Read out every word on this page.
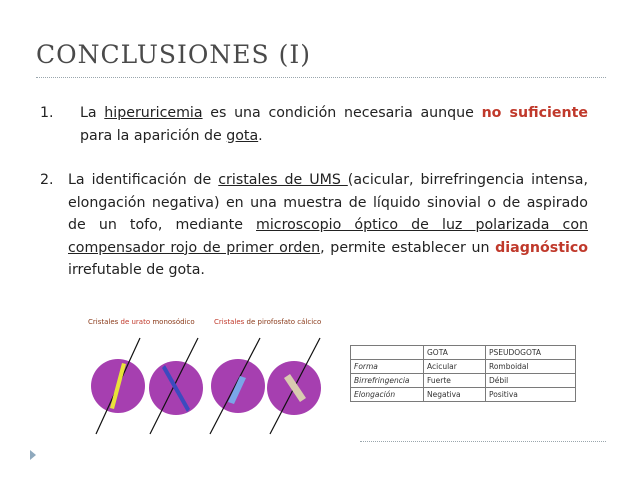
CONCLUSIONES (I)
1.	La hiperuricemia es una condición necesaria aunque no suficiente para la aparición de gota.
2.	La identificación de cristales de UMS (acicular, birrefringencia intensa, elongación negativa) en una muestra de líquido sinovial o de aspirado de un tofo, mediante microscopio óptico de luz polarizada con compensador rojo de primer orden, permite establecer un diagnóstico irrefutable de gota.
Cristales de urato monosódico	Cristales de pirofosfato cálcico
	GOTA	PSEUDOGOTA
Forma	Acicular	Romboidal
Birrefringencia	Fuerte	Débil
Elongación	Negativa	Positiva
